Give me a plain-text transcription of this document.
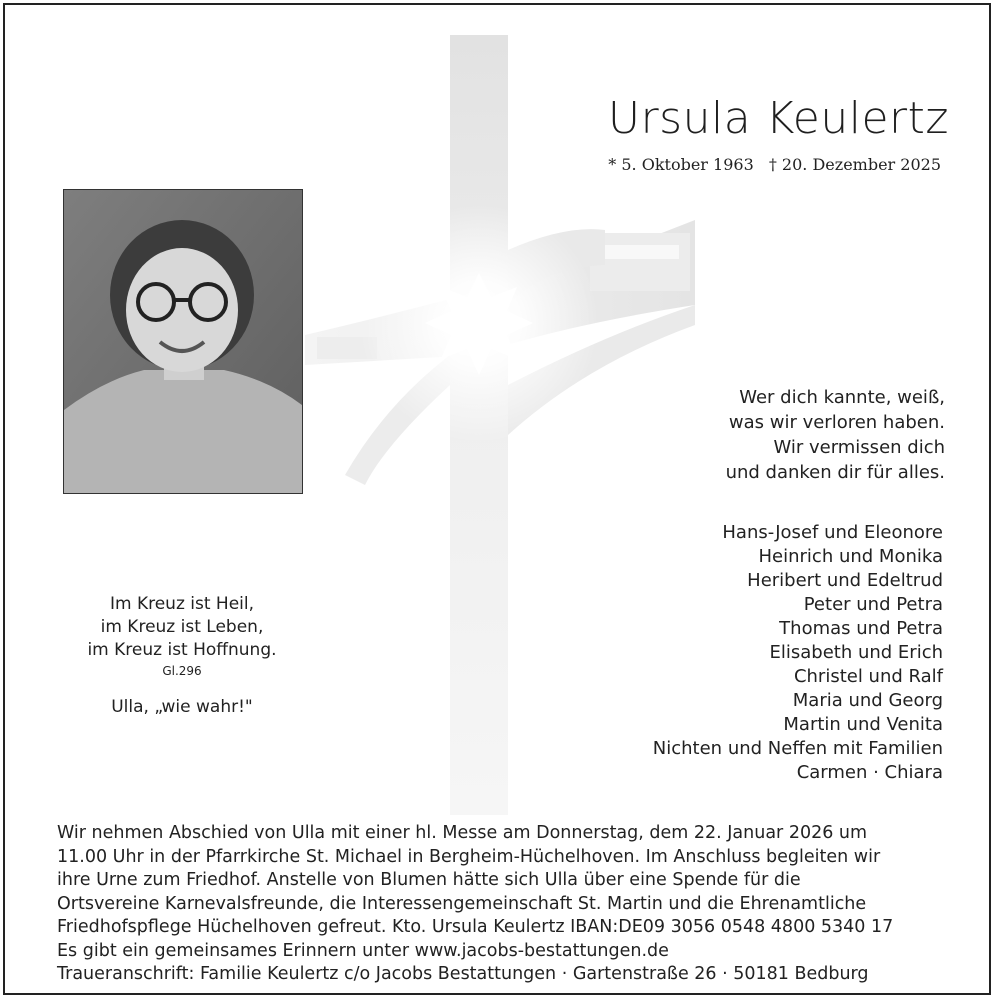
Ursula Keulertz
* 5. Oktober 1963 † 20. Dezember 2025
Wer dich kannte, weiß,
was wir verloren haben.
Wir vermissen dich
und danken dir für alles.
Hans-Josef und Eleonore
Heinrich und Monika
Heribert und Edeltrud
Peter und Petra
Thomas und Petra
Elisabeth und Erich
Christel und Ralf
Maria und Georg
Martin und Venita
Nichten und Neffen mit Familien
Carmen · Chiara
Im Kreuz ist Heil,
im Kreuz ist Leben,
im Kreuz ist Hoffnung.
Gl.296
Ulla, „wie wahr!"
Wir nehmen Abschied von Ulla mit einer hl. Messe am Donnerstag, dem 22. Januar 2026 um
11.00 Uhr in der Pfarrkirche St. Michael in Bergheim-Hüchelhoven. Im Anschluss begleiten wir
ihre Urne zum Friedhof. Anstelle von Blumen hätte sich Ulla über eine Spende für die
Ortsvereine Karnevalsfreunde, die Interessengemeinschaft St. Martin und die Ehrenamtliche
Friedhofspflege Hüchelhoven gefreut. Kto. Ursula Keulertz IBAN:DE09 3056 0548 4800 5340 17
Es gibt ein gemeinsames Erinnern unter www.jacobs-bestattungen.de
Traueranschrift: Familie Keulertz c/o Jacobs Bestattungen · Gartenstraße 26 · 50181 Bedburg
